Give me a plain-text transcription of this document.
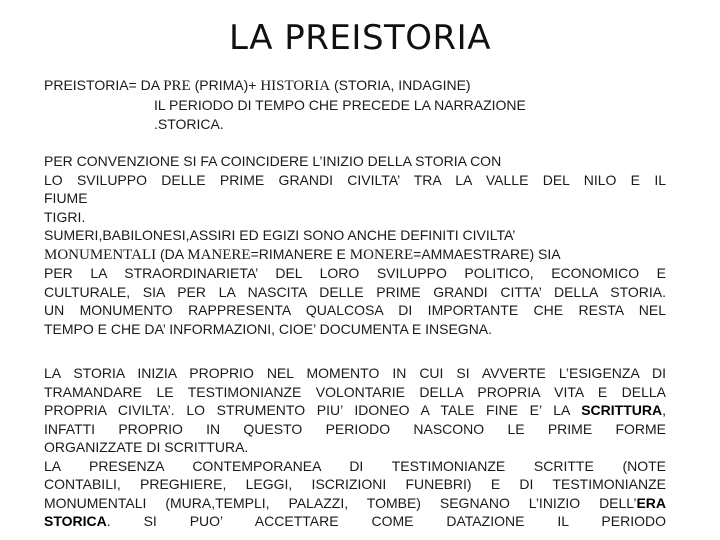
LA PREISTORIA
PREISTORIA= DA PRE (PRIMA)+ HISTORIA (STORIA, INDAGINE)
IL PERIODO DI TEMPO CHE PRECEDE LA NARRAZIONE
.STORICA.
PER CONVENZIONE SI FA COINCIDERE L’INIZIO DELLA STORIA CON
LO SVILUPPO DELLE PRIME GRANDI CIVILTA’ TRA LA VALLE DEL NILO E IL
FIUME
TIGRI.
SUMERI,BABILONESI,ASSIRI ED EGIZI SONO ANCHE DEFINITI CIVILTA’
MONUMENTALI (DA MANERE=RIMANERE E MONERE=AMMAESTRARE) SIA
PER LA STRAORDINARIETA’ DEL LORO SVILUPPO POLITICO, ECONOMICO E
CULTURALE, SIA PER LA NASCITA DELLE PRIME GRANDI CITTA’ DELLA STORIA.
UN MONUMENTO RAPPRESENTA QUALCOSA DI IMPORTANTE CHE RESTA NEL
TEMPO E CHE DA’ INFORMAZIONI, CIOE’ DOCUMENTA E INSEGNA.
LA STORIA INIZIA PROPRIO NEL MOMENTO IN CUI SI AVVERTE L’ESIGENZA DI
TRAMANDARE LE TESTIMONIANZE VOLONTARIE DELLA PROPRIA VITA E DELLA
PROPRIA CIVILTA’. LO STRUMENTO PIU’ IDONEO A TALE FINE E’ LA SCRITTURA,
INFATTI PROPRIO IN QUESTO PERIODO NASCONO LE PRIME FORME
ORGANIZZATE DI SCRITTURA.
LA PRESENZA CONTEMPORANEA DI TESTIMONIANZE SCRITTE (NOTE
CONTABILI, PREGHIERE, LEGGI, ISCRIZIONI FUNEBRI) E DI TESTIMONIANZE
MONUMENTALI (MURA,TEMPLI, PALAZZI, TOMBE) SEGNANO L’INIZIO DELL’ERA
STORICA. SI PUO’ ACCETTARE COME DATAZIONE IL PERIODO
